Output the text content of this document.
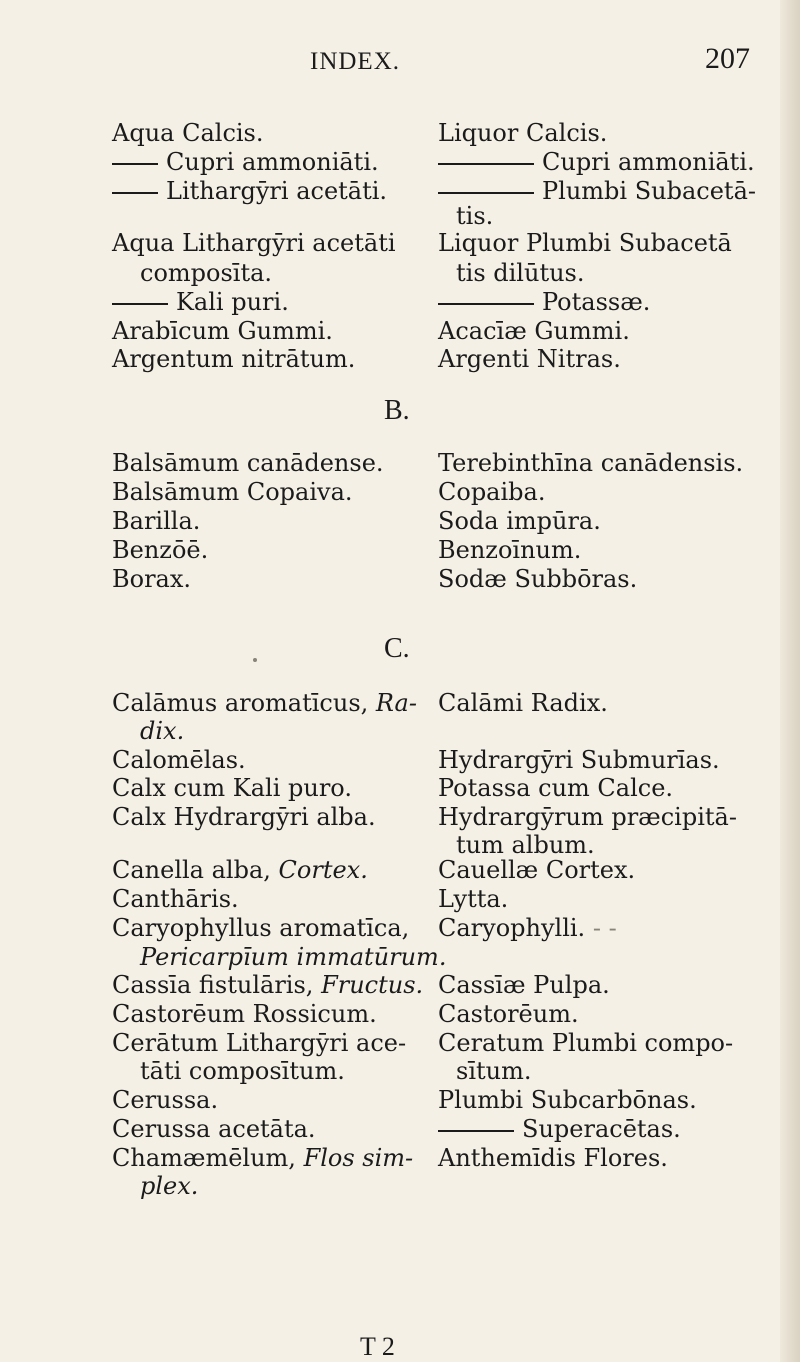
INDEX.	207
Aqua Calcis.
Cupri ammoniāti.
Lithargȳri acetāti.
Aqua Lithargȳri acetāti
composīta.
Kali puri.
Arabīcum Gummi.
Argentum nitrātum.
Liquor Calcis.
Cupri ammoniāti.
Plumbi Subacetā-
tis.
Liquor Plumbi Subacetā
tis dilūtus.
Potassæ.
Acacīæ Gummi.
Argenti Nitras.
B.
Balsāmum canādense.
Balsāmum Copaiva.
Barilla.
Benzōē.
Borax.
Terebinthīna canādensis.
Copaiba.
Soda impūra.
Benzoīnum.
Sodæ Subbōras.
C.
Calāmus aromatīcus, Ra-
dix.
Calomēlas.
Calx cum Kali puro.
Calx Hydrargȳri alba.
Canella alba, Cortex.
Canthāris.
Caryophyllus aromatīca,
Pericarpīum immatūrum.
Cassīa fistulāris, Fructus.
Castorēum Rossicum.
Cerātum Lithargȳri ace-
tāti composītum.
Cerussa.
Cerussa acetāta.
Chamæmēlum, Flos sim-
plex.
Calāmi Radix.
Hydrargȳri Submurīas.
Potassa cum Calce.
Hydrargȳrum præcipitā-
tum album.
Cauellæ Cortex.
Lytta.
Caryophylli. - -
Cassīæ Pulpa.
Castorēum.
Ceratum Plumbi compo-
sītum.
Plumbi Subcarbōnas.
Superacētas.
Anthemīdis Flores.
T 2
